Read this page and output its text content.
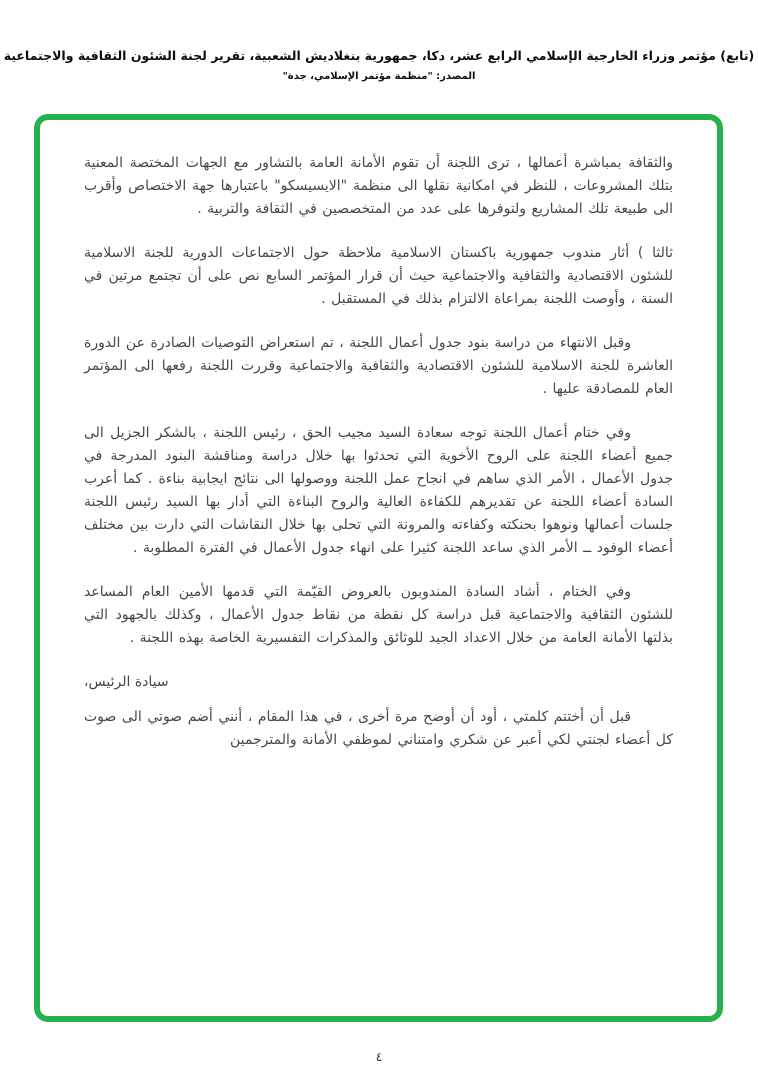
(تابع) مؤتمر وزراء الخارجية الإسلامي الرابع عشر، دكا، جمهورية بنغلاديش الشعبية، تقرير لجنة الشئون الثقافية والاجتماعية
المصدر: "منظمة مؤتمر الإسلامي، جدة"

والثقافة بمباشرة أعمالها ، ترى اللجنة أن تقوم الأمانة العامة بالتشاور مع الجهات المختصة المعنية بتلك المشروعات ، للنظر في امكانية نقلها الى منظمة "الايسيسكو" باعتبارها جهة الاختصاص وأقرب الى طبيعة تلك المشاريع ولتوفرها على عدد من المتخصصين في الثقافة والتربية .

ثالثا ) أثار مندوب جمهورية باكستان الاسلامية ملاحظة حول الاجتماعات الدورية للجنة الاسلامية للشئون الاقتصادية والثقافية والاجتماعية حيث أن قرار المؤتمر السابع نص على أن تجتمع مرتين في السنة ، وأوصت اللجنة بمراعاة الالتزام بذلك في المستقبل .

وقبل الانتهاء من دراسة بنود جدول أعمال اللجنة ، تم استعراض التوصيات الصادرة عن الدورة العاشرة للجنة الاسلامية للشئون الاقتصادية والثقافية والاجتماعية وقررت اللجنة رفعها الى المؤتمر العام للمصادقة عليها .

وفي ختام أعمال اللجنة توجه سعادة السيد مجيب الحق ، رئيس اللجنة ، بالشكر الجزيل الى جميع أعضاء اللجنة على الروح الأخوية التي تحدثوا بها خلال دراسة ومناقشة البنود المدرجة في جدول الأعمال ، الأمر الذي ساهم في انجاح عمل اللجنة ووصولها الى نتائج ايجابية بناءة . كما أعرب السادة أعضاء اللجنة عن تقديرهم للكفاءة العالية والروح البناءة التي أدار بها السيد رئيس اللجنة جلسات أعمالها ونوهوا بحنكته وكفاءته والمرونة التي تحلى بها خلال النقاشات التي دارت بين مختلف أعضاء الوفود ــ الأمر الذي ساعد اللجنة كثيرا على انهاء جدول الأعمال في الفترة المطلوبة .

وفي الختام ، أشاد السادة المندوبون بالعروض القيّمة التي قدمها الأمين العام المساعد للشئون الثقافية والاجتماعية قبل دراسة كل نقطة من نقاط جدول الأعمال ، وكذلك بالجهود التي بذلتها الأمانة العامة من خلال الاعداد الجيد للوثائق والمذكرات التفسيرية الخاصة بهذه اللجنة .

سيادة الرئيس،

قبل أن أختتم كلمتي ، أود أن أوضح مرة أخرى ، في هذا المقام ، أنني أضم صوتي الى صوت كل أعضاء لجنتي لكي أعبر عن شكري وامتناني لموظفي الأمانة والمترجمين

٤
